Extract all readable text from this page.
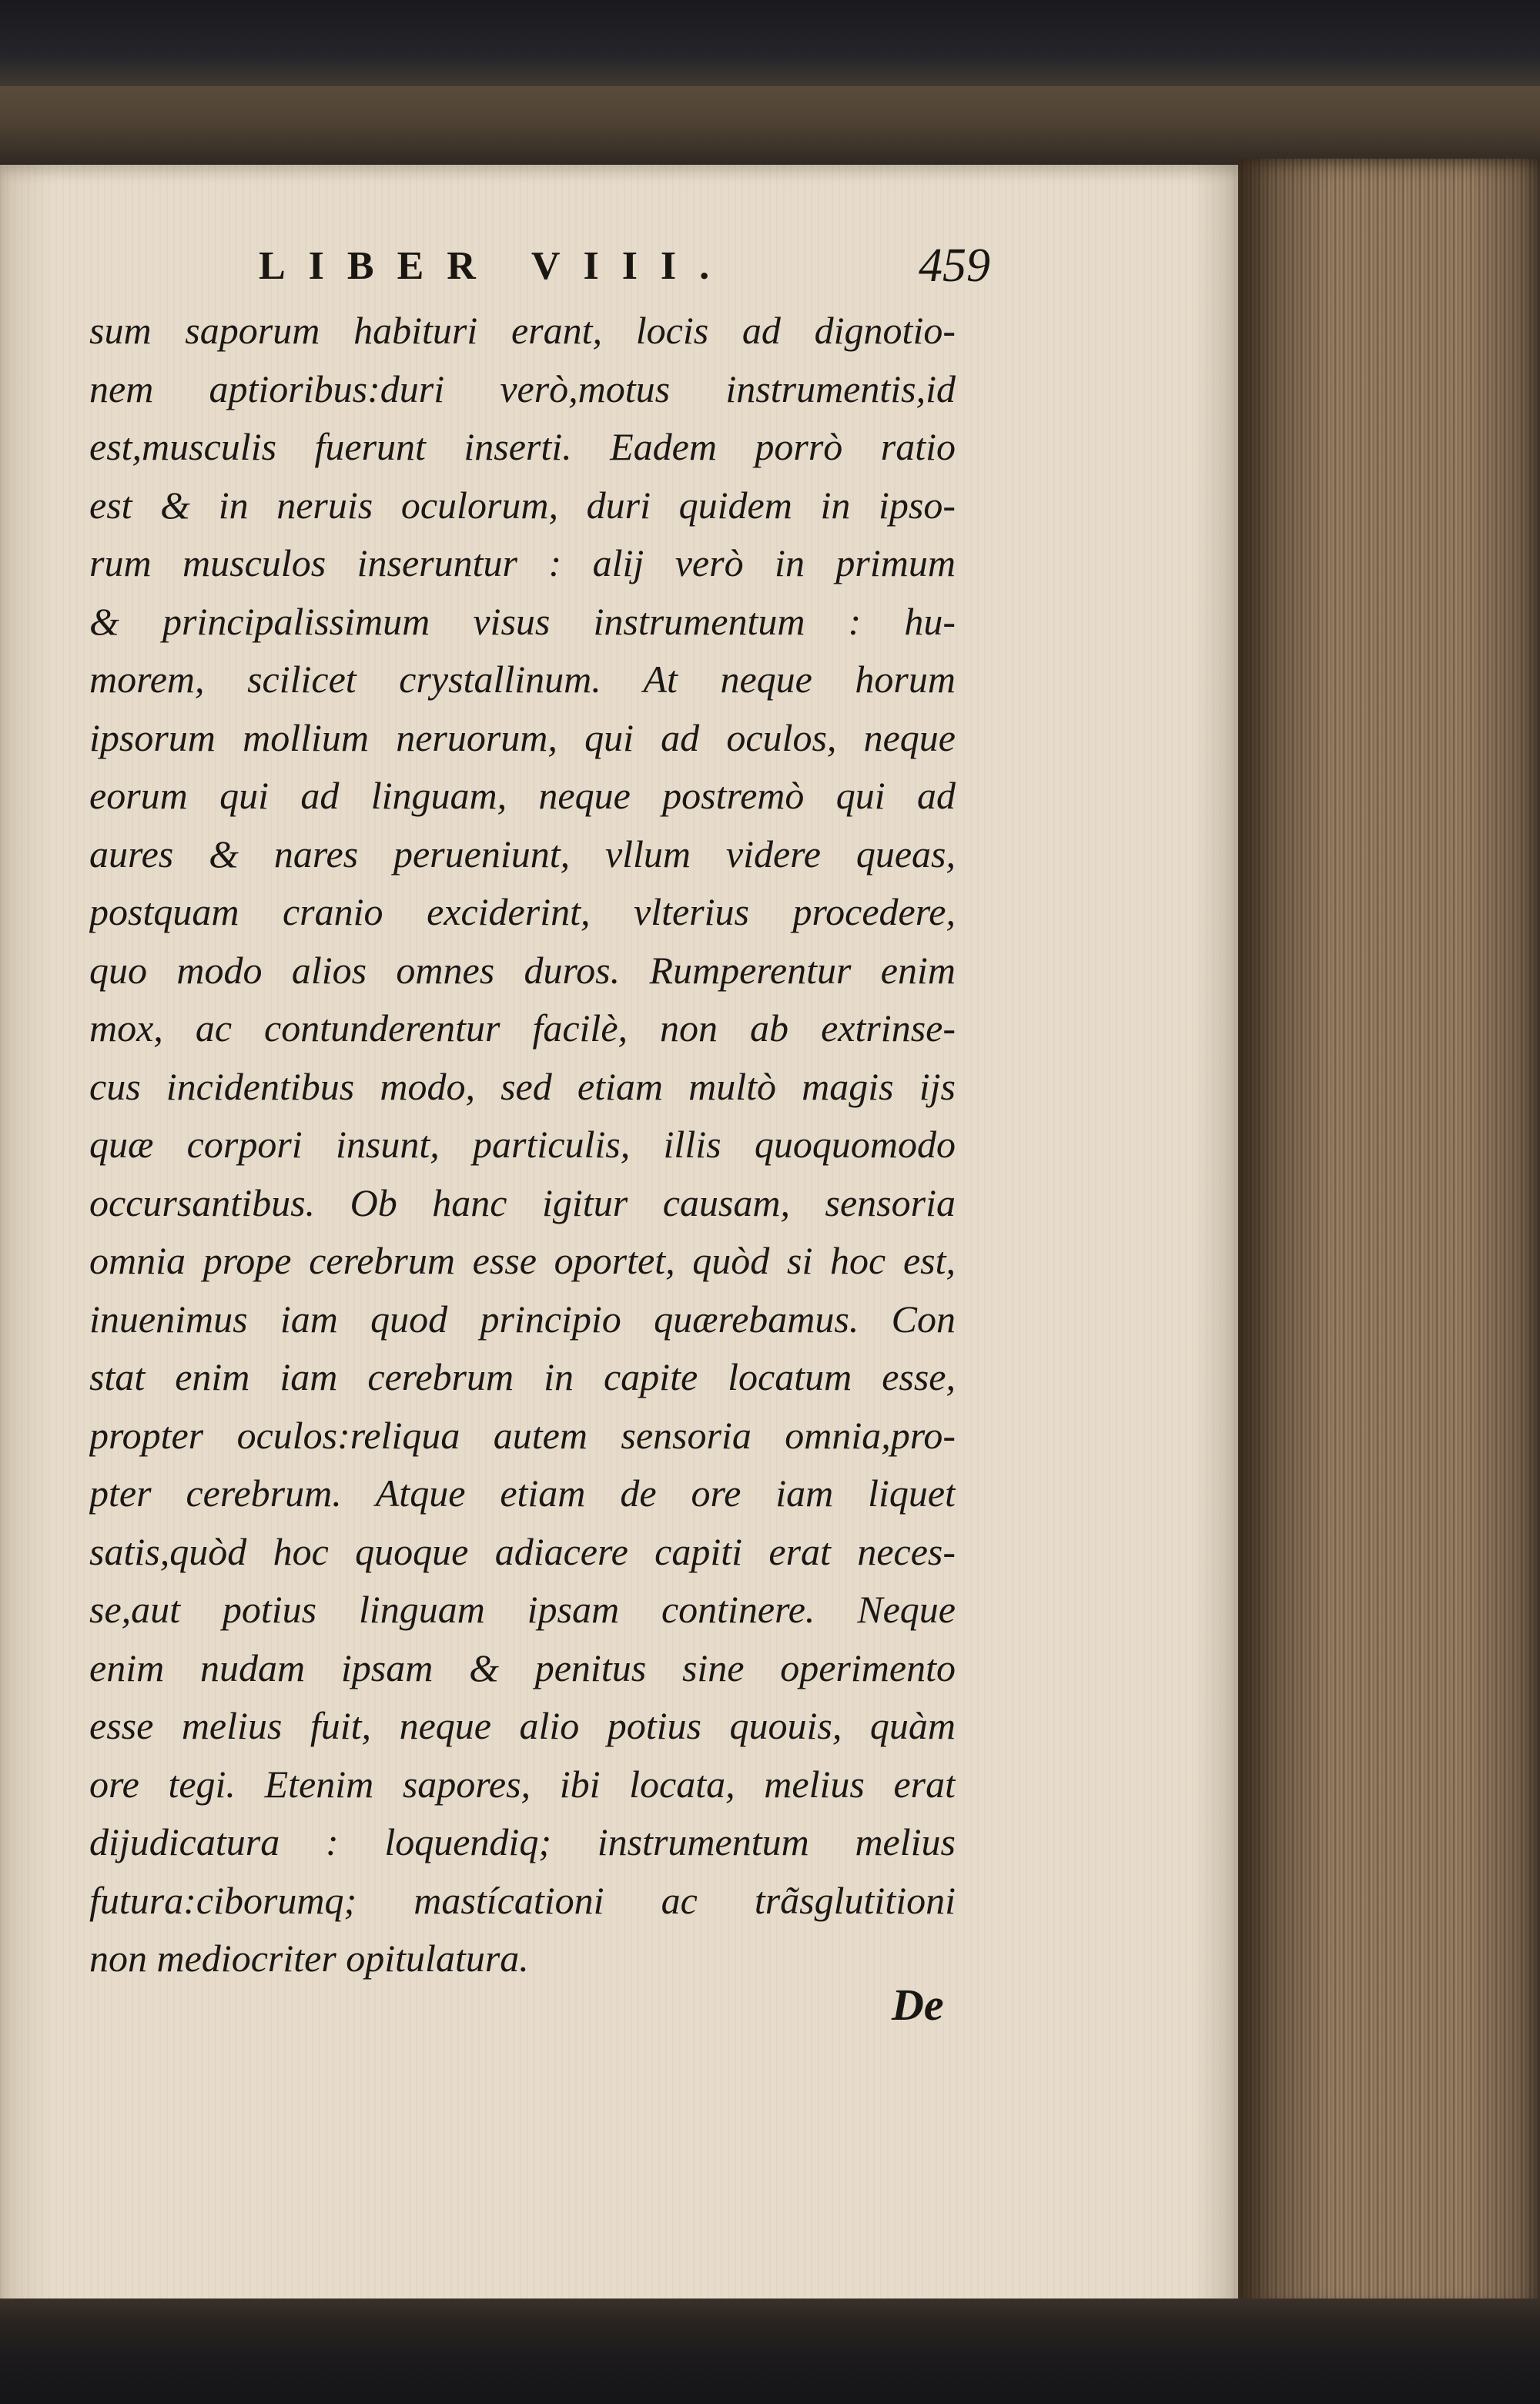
LIBER VIII.	459
sum saporum habituri erant, locis ad dignotio-
nem aptioribus:duri verò,motus instrumentis,id
est,musculis fuerunt inserti. Eadem porrò ratio
est & in neruis oculorum, duri quidem in ipso-
rum musculos inseruntur : alij verò in primum
& principalissimum visus instrumentum : hu-
morem, scilicet crystallinum. At neque horum
ipsorum mollium neruorum, qui ad oculos, neque
eorum qui ad linguam, neque postremò qui ad
aures & nares perueniunt, vllum videre queas,
postquam cranio exciderint, vlterius procedere,
quo modo alios omnes duros. Rumperentur enim
mox, ac contunderentur facilè, non ab extrinse-
cus incidentibus modo, sed etiam multò magis ijs
quæ corpori insunt, particulis, illis quoquomodo
occursantibus. Ob hanc igitur causam, sensoria
omnia prope cerebrum esse oportet, quòd si hoc est,
inuenimus iam quod principio quærebamus. Con
stat enim iam cerebrum in capite locatum esse,
propter oculos:reliqua autem sensoria omnia,pro-
pter cerebrum. Atque etiam de ore iam liquet
satis,quòd hoc quoque adiacere capiti erat neces-
se,aut potius linguam ipsam continere. Neque
enim nudam ipsam & penitus sine operimento
esse melius fuit, neque alio potius quouis, quàm
ore tegi. Etenim sapores, ibi locata, melius erat
dijudicatura : loquendiq; instrumentum melius
futura:ciborumq; mastícationi ac trãsglutitioni
non mediocriter opitulatura.
De
